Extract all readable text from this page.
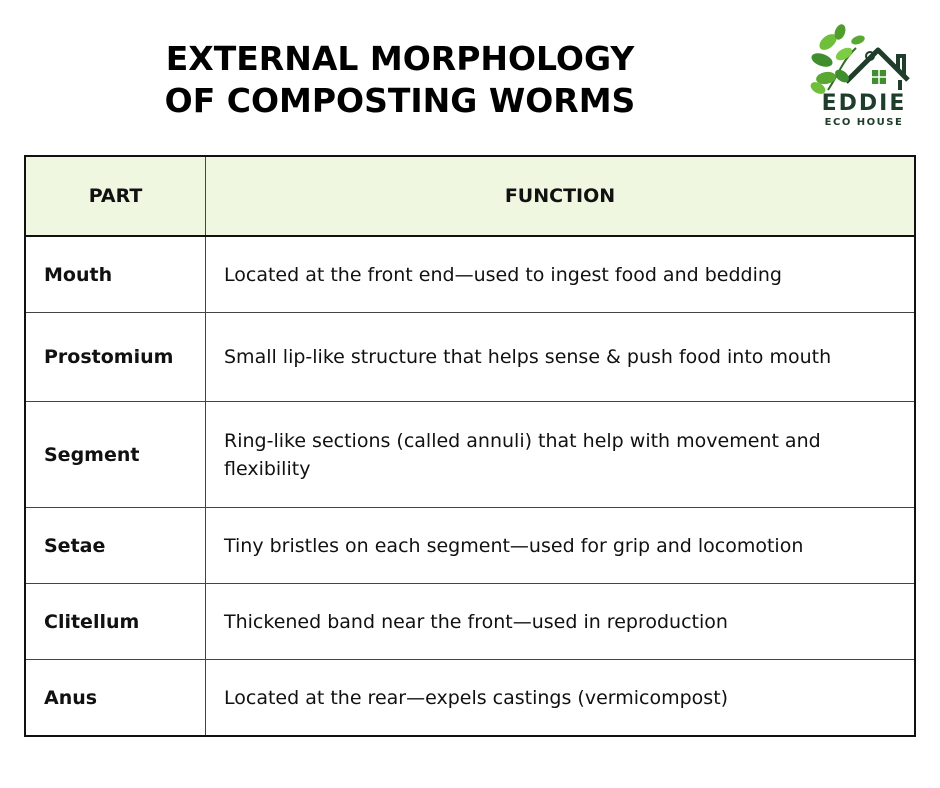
EXTERNAL MORPHOLOGY
OF COMPOSTING WORMS	EDDIE
ECO HOUSE
PART	FUNCTION
Mouth	Located at the front end—used to ingest food and bedding
Prostomium	Small lip-like structure that helps sense & push food into mouth
Segment	Ring-like sections (called annuli) that help with movement and flexibility
Setae	Tiny bristles on each segment—used for grip and locomotion
Clitellum	Thickened band near the front—used in reproduction
Anus	Located at the rear—expels castings (vermicompost)
